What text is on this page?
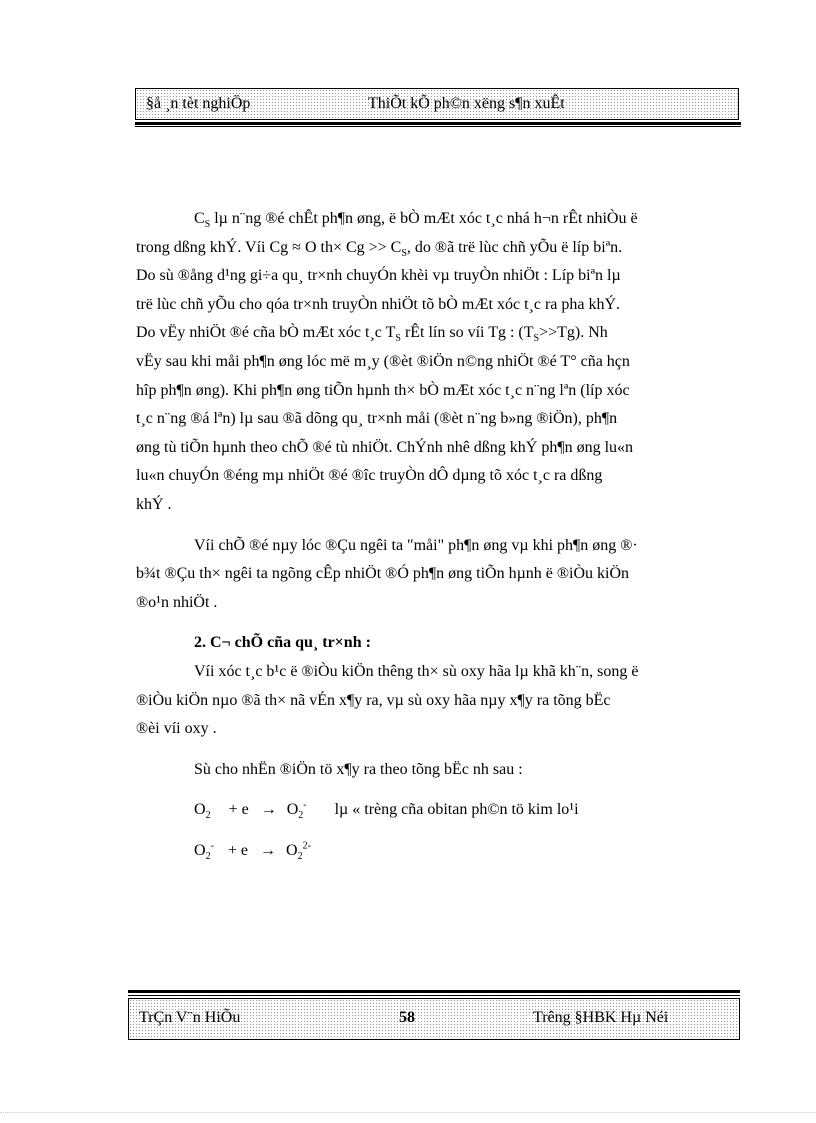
§å ¸n tèt nghiÖp	ThiÕt kÕ ph©n xëng s¶n xuÊt

$C_S$ lµ n¨ng ®é chÊt ph¶n øng, ë bÒ mÆt xóc t¸c nhá h¬n rÊt nhiÒu ë
trong dßng khÝ. Víi Cg ≈ O $th\times Cg >> C_S$, do ®ã trë lùc chñ yÕu ë líp biªn.
Do sù ®ång d¹ng gi÷a qu¸ tr×nh chuyÓn khèi vµ truyÒn nhiÖt : Líp biªn lµ
trë lùc chñ yÕu cho qóa tr×nh truyÒn nhiÖt tõ bÒ mÆt xóc t¸c ra pha khÝ.
Do vËy nhiÖt ®é cña bÒ mÆt xóc t¸c $T_S$ rÊt lín so víi Tg : $(T_S>>Tg)$. Nh
vËy sau khi måi ph¶n øng lóc më m¸y (®èt ®iÖn n©ng nhiÖt ®é T° cña hçn
hîp ph¶n øng). Khi ph¶n øng tiÕn hµnh th× bÒ mÆt xóc t¸c n¨ng lªn (líp xóc
t¸c n¨ng ®á lªn) lµ sau ®ã dõng qu¸ tr×nh måi (®èt n¨ng b»ng ®iÖn), ph¶n
øng tù tiÕn hµnh theo chÕ ®é tù nhiÖt. ChÝnh nhê dßng khÝ ph¶n øng lu«n
lu«n chuyÓn ®éng mµ nhiÖt ®é ®îc truyÒn dÔ dµng tõ xóc t¸c ra dßng
khÝ .

Víi chÕ ®é nµy lóc ®Çu ngêi ta "måi" ph¶n øng vµ khi ph¶n øng ®·
b¾t ®Çu th× ngêi ta ngõng cÊp nhiÖt ®Ó ph¶n øng tiÕn hµnh ë ®iÒu kiÖn
®o¹n nhiÖt .

2. C¬ chÕ cña qu¸ tr×nh :

Víi xóc t¸c b¹c ë ®iÒu kiÖn thêng th× sù oxy hãa lµ khã kh¨n, song ë
®iÒu kiÖn nµo ®ã th× nã vÉn x¶y ra, vµ sù oxy hãa nµy x¶y ra tõng bËc
®èi víi oxy .

Sù cho nhËn ®iÖn tö x¶y ra theo tõng bËc nh sau :

$O_2 + e \to O_2^-$ lµ « trèng cña obitan ph©n tö kim lo¹i

$O_2^- + e \to O_2^{2-}$

TrÇn V¨n HiÕu	58	Trêng §HBK Hµ Néi
